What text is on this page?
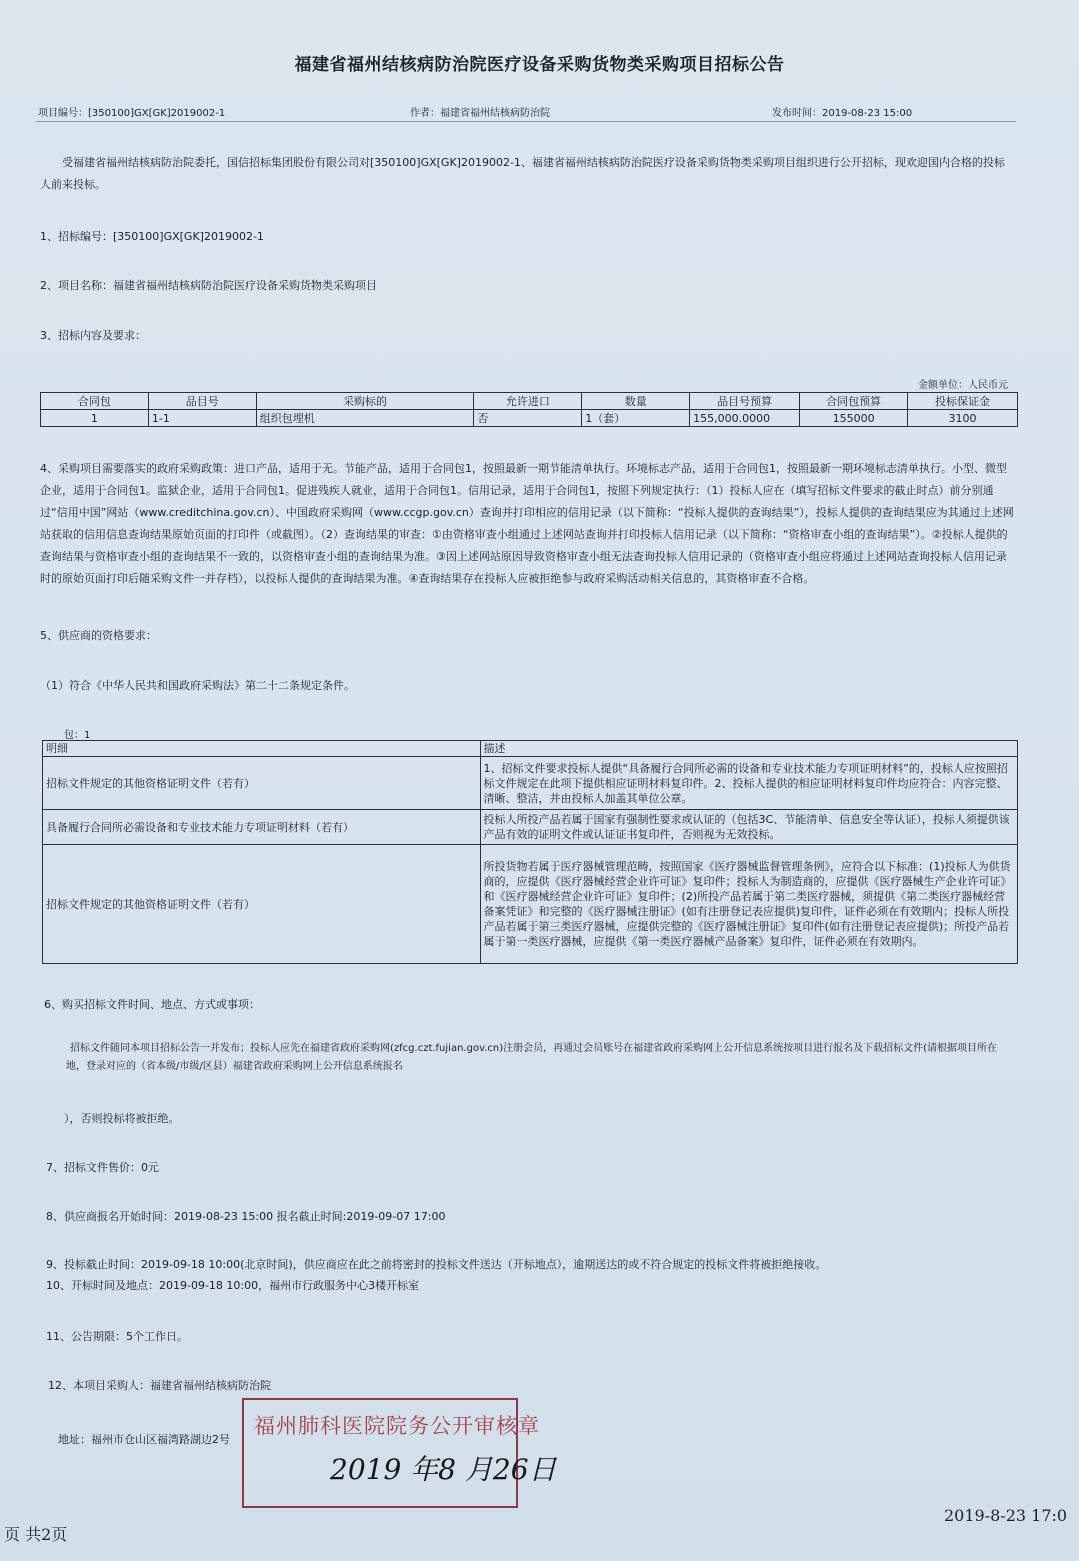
福建省福州结核病防治院医疗设备采购货物类采购项目招标公告
项目编号：[350100]GX[GK]2019002-1	作者：福建省福州结核病防治院	发布时间：2019-08-23 15:00
受福建省福州结核病防治院委托，国信招标集团股份有限公司对[350100]GX[GK]2019002-1、福建省福州结核病防治院医疗设备采购货物类采购项目组织进行公开招标，现欢迎国内合格的投标人前来投标。
1、招标编号：[350100]GX[GK]2019002-1
2、项目名称：福建省福州结核病防治院医疗设备采购货物类采购项目
3、招标内容及要求：
金额单位：人民币元
合同包	品目号	采购标的	允许进口	数量	品目号预算	合同包预算	投标保证金
1	1-1	组织包埋机	否	1（套）	155,000.0000	155000	3100
4、采购项目需要落实的政府采购政策：进口产品，适用于无。节能产品，适用于合同包1，按照最新一期节能清单执行。环境标志产品，适用于合同包1，按照最新一期环境标志清单执行。小型、微型企业，适用于合同包1。监狱企业，适用于合同包1。促进残疾人就业，适用于合同包1。信用记录，适用于合同包1，按照下列规定执行：（1）投标人应在（填写招标文件要求的截止时点）前分别通过“信用中国”网站（www.creditchina.gov.cn）、中国政府采购网（www.ccgp.gov.cn）查询并打印相应的信用记录（以下简称：“投标人提供的查询结果”），投标人提供的查询结果应为其通过上述网站获取的信用信息查询结果原始页面的打印件（或截图）。（2）查询结果的审查：①由资格审查小组通过上述网站查询并打印投标人信用记录（以下简称：“资格审查小组的查询结果”）。②投标人提供的查询结果与资格审查小组的查询结果不一致的，以资格审查小组的查询结果为准。③因上述网站原因导致资格审查小组无法查询投标人信用记录的（资格审查小组应将通过上述网站查询投标人信用记录时的原始页面打印后随采购文件一并存档），以投标人提供的查询结果为准。④查询结果存在投标人应被拒绝参与政府采购活动相关信息的，其资格审查不合格。
5、供应商的资格要求：
（1）符合《中华人民共和国政府采购法》第二十二条规定条件。
包：1
明细	描述
招标文件规定的其他资格证明文件（若有）	1、招标文件要求投标人提供“具备履行合同所必需的设备和专业技术能力专项证明材料”的，投标人应按照招标文件规定在此项下提供相应证明材料复印件。2、投标人提供的相应证明材料复印件均应符合：内容完整、清晰、整洁，并由投标人加盖其单位公章。
具备履行合同所必需设备和专业技术能力专项证明材料（若有）	投标人所投产品若属于国家有强制性要求或认证的（包括3C、节能清单、信息安全等认证），投标人须提供该产品有效的证明文件或认证证书复印件，否则视为无效投标。
招标文件规定的其他资格证明文件（若有）	所投货物若属于医疗器械管理范畴，按照国家《医疗器械监督管理条例》，应符合以下标准：(1)投标人为供货商的，应提供《医疗器械经营企业许可证》复印件；投标人为制造商的，应提供《医疗器械生产企业许可证》和《医疗器械经营企业许可证》复印件；(2)所投产品若属于第二类医疗器械，须提供《第二类医疗器械经营备案凭证》和完整的《医疗器械注册证》(如有注册登记表应提供)复印件，证件必须在有效期内；投标人所投产品若属于第三类医疗器械，应提供完整的《医疗器械注册证》复印件(如有注册登记表应提供)；所投产品若属于第一类医疗器械，应提供《第一类医疗器械产品备案》复印件，证件必须在有效期内。
6、购买招标文件时间、地点、方式或事项：
招标文件随同本项目招标公告一并发布；投标人应先在福建省政府采购网(zfcg.czt.fujian.gov.cn)注册会员，再通过会员账号在福建省政府采购网上公开信息系统按项目进行报名及下载招标文件(请根据项目所在地，登录对应的（省本级/市级/区县）福建省政府采购网上公开信息系统报名
），否则投标将被拒绝。
7、招标文件售价：0元
8、供应商报名开始时间：2019-08-23 15:00 报名截止时间:2019-09-07 17:00
9、投标截止时间：2019-09-18 10:00(北京时间)，供应商应在此之前将密封的投标文件送达（开标地点），逾期送达的或不符合规定的投标文件将被拒绝接收。
10、开标时间及地点：2019-09-18 10:00，福州市行政服务中心3楼开标室
11、公告期限：5个工作日。
12、本项目采购人：福建省福州结核病防治院
地址：福州市仓山区福湾路湖边2号
福州肺科医院院务公开审核章
2019 年8 月26日
页 共2页
2019-8-23 17:0
